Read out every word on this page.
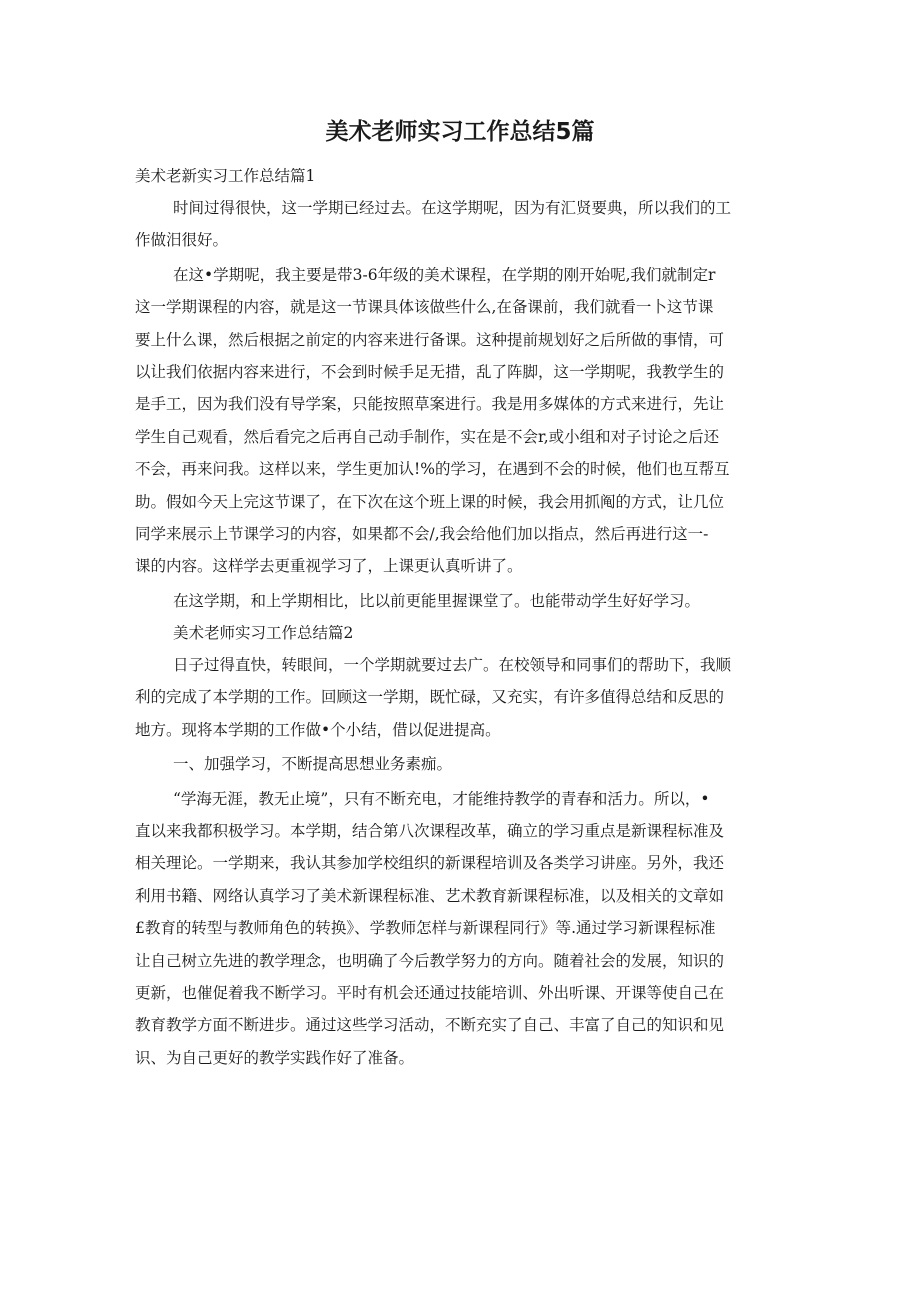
美术老师实习工作总结5篇
美术老新实习工作总结篇1
时间过得很快，这一学期已经过去。在这学期呢，因为有汇贤要典，所以我们的工
作做汨很好。
在这•学期呢，我主要是带3-6年级的美术课程，在学期的刚开始呢,我们就制定r
这一学期课程的内容，就是这一节课具体该做些什么,在备课前，我们就看一卜这节课
要上什么课，然后根据之前定的内容来进行备课。这种提前规划好之后所做的事情，可
以让我们依据内容来进行，不会到时候手足无措，乱了阵脚，这一学期呢，我教学生的
是手工，因为我们没有导学案，只能按照草案进行。我是用多媒体的方式来进行，先让
学生自己观看，然后看完之后再自己动手制作，实在是不会r,或小组和对子讨论之后还
不会，再来问我。这样以来，学生更加认!%的学习，在遇到不会的时候，他们也互帮互
助。假如今天上完这节课了，在下次在这个班上课的时候，我会用抓阄的方式，让几位
同学来展示上节课学习的内容，如果都不会/,我会给他们加以指点，然后再进行这一-
课的内容。这样学去更重视学习了，上课更认真听讲了。
在这学期，和上学期相比，比以前更能里握课堂了。也能带动学生好好学习。
美术老师实习工作总结篇2
日子过得直快，转眼间，一个学期就要过去广。在校领导和同事们的帮助下，我顺
利的完成了本学期的工作。回顾这一学期，既忙碌，又充实，有许多值得总结和反思的
地方。现将本学期的工作做•个小结，借以促进提高。
一、加强学习，不断提高思想业务素痂。
“学海无涯，教无止境”，只有不断充电，才能维持教学的青春和活力。所以，•
直以来我都积极学习。本学期，结合第八次课程改革，确立的学习重点是新课程标准及
相关理论。一学期来，我认其参加学校组织的新课程培训及各类学习讲座。另外，我还
利用书籍、网络认真学习了美术新课程标准、艺术教育新课程标准，以及相关的文章如
£教育的转型与教师角色的转换》、学教师怎样与新课程同行》等.通过学习新课程标准
让自己树立先进的教学理念，也明确了今后教学努力的方向。随着社会的发展，知识的
更新，也催促着我不断学习。平时有机会还通过技能培训、外出听课、开课等使自己在
教育教学方面不断进步。通过这些学习活动，不断充实了自己、丰富了自己的知识和见
识、为自己更好的教学实践作好了准备。
